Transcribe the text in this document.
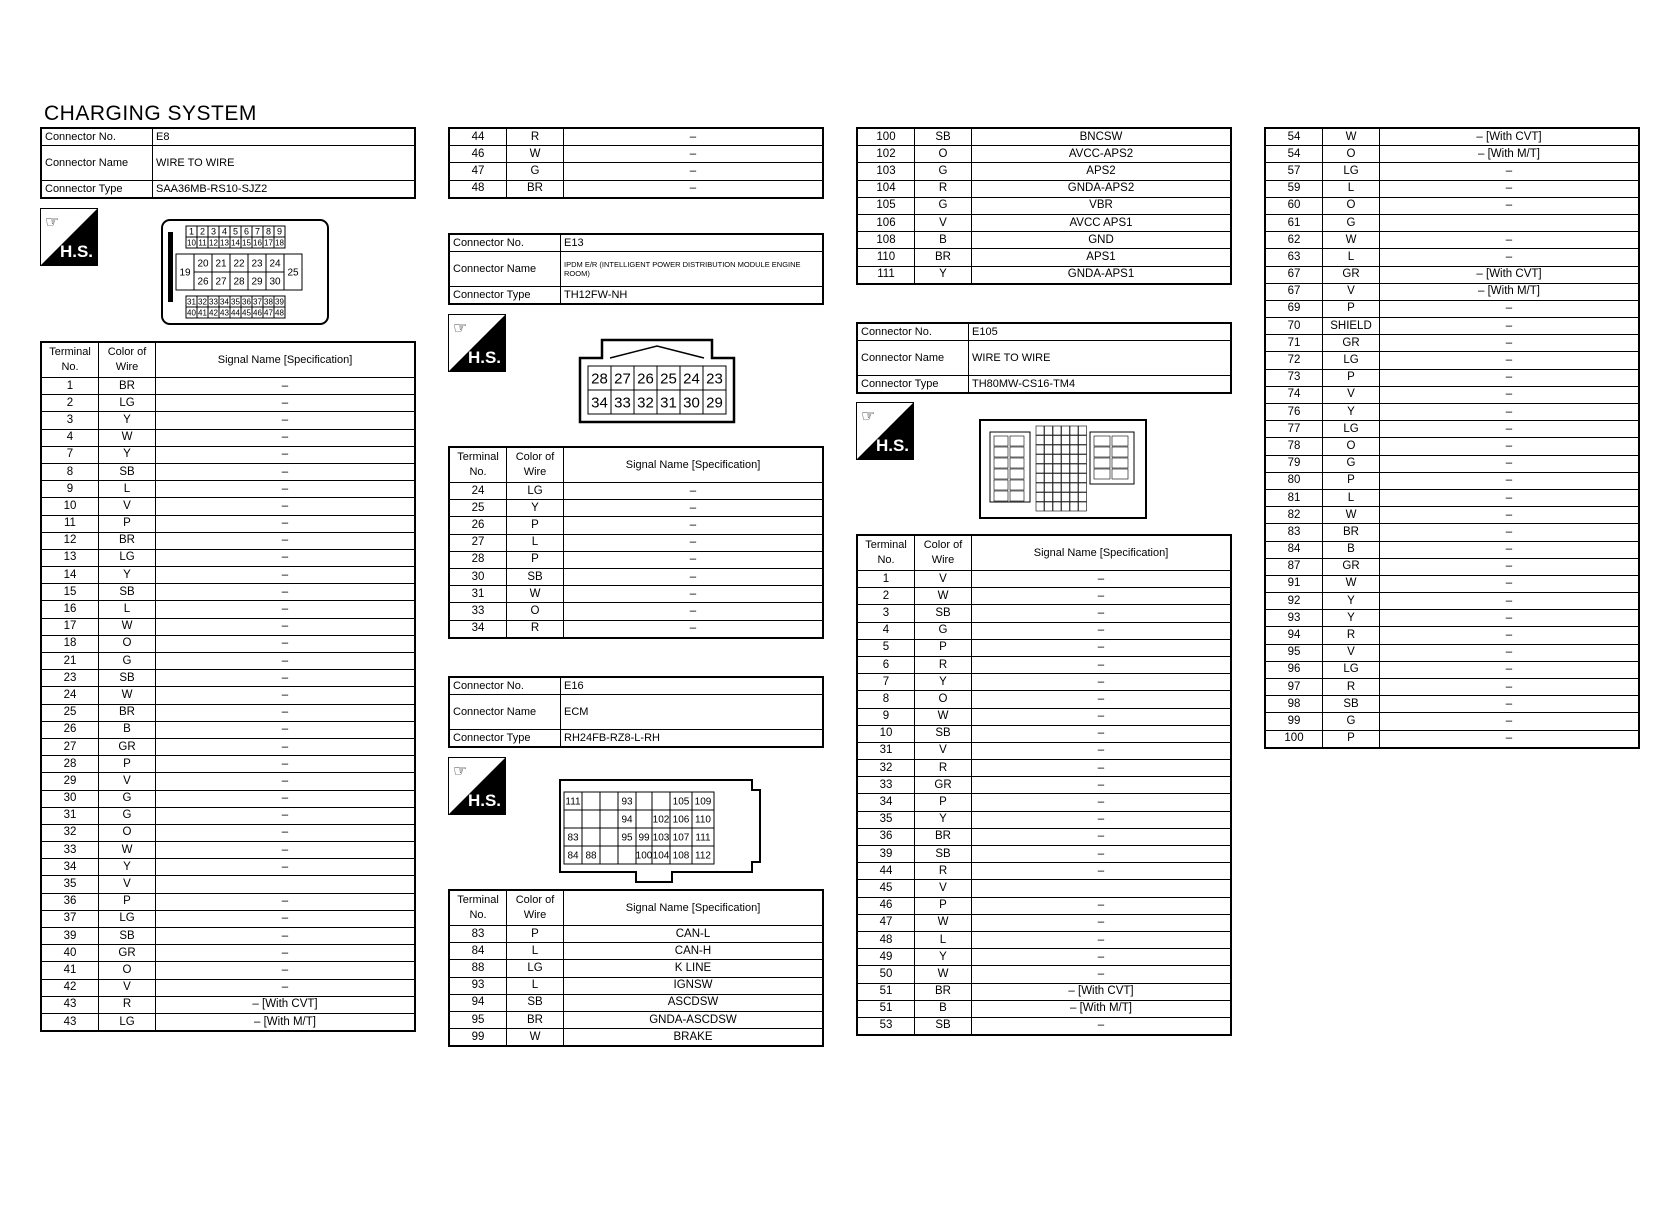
CHARGING SYSTEM
Connector No.	E8
Connector Name	WIRE TO WIRE
Connector Type	SAA36MB-RS10-SJZ2
☞
H.S.
1 2 3 4 5 6 7 8 9
10 11 12 13 14 15 16 17 18
19
20 21 22 23 24
26 27 28 29 30
25
31 32 33 34 35 36 37 38 39
40 41 42 43 44 45 46 47 48
Terminal No.	Color of Wire	Signal Name [Specification]
1	BR	–
2	LG	–
3	Y	–
4	W	–
7	Y	–
8	SB	–
9	L	–
10	V	–
11	P	–
12	BR	–
13	LG	–
14	Y	–
15	SB	–
16	L	–
17	W	–
18	O	–
21	G	–
23	SB	–
24	W	–
25	BR	–
26	B	–
27	GR	–
28	P	–
29	V	–
30	G	–
31	G	–
32	O	–
33	W	–
34	Y	–
35	V	
36	P	–
37	LG	–
39	SB	–
40	GR	–
41	O	–
42	V	–
43	R	– [With CVT]
43	LG	– [With M/T]
44	R	–
46	W	–
47	G	–
48	BR	–
Connector No.	E13
Connector Name	IPDM E/R (INTELLIGENT POWER DISTRIBUTION MODULE ENGINE ROOM)
Connector Type	TH12FW-NH
☞
H.S.
28 27 26 25 24 23
34 33 32 31 30 29
Terminal No.	Color of Wire	Signal Name [Specification]
24	LG	–
25	Y	–
26	P	–
27	L	–
28	P	–
30	SB	–
31	W	–
33	O	–
34	R	–
Connector No.	E16
Connector Name	ECM
Connector Type	RH24FB-RZ8-L-RH
☞
H.S.	111	93	105 109
94 102 106 110
83	95 99 103 107 111
84 88	100 104 108 112
Terminal No.	Color of Wire	Signal Name [Specification]
83	P	CAN-L
84	L	CAN-H
88	LG	K LINE
93	L	IGNSW
94	SB	ASCDSW
95	BR	GNDA-ASCDSW
99	W	BRAKE
100	SB	BNCSW
102	O	AVCC-APS2
103	G	APS2
104	R	GNDA-APS2
105	G	VBR
106	V	AVCC APS1
108	B	GND
110	BR	APS1
111	Y	GNDA-APS1
Connector No.	E105
Connector Name	WIRE TO WIRE
Connector Type	TH80MW-CS16-TM4
☞
H.S.
Terminal No.	Color of Wire	Signal Name [Specification]
1	V	–
2	W	–
3	SB	–
4	G	–
5	P	–
6	R	–
7	Y	–
8	O	–
9	W	–
10	SB	–
31	V	–
32	R	–
33	GR	–
34	P	–
35	Y	–
36	BR	–
39	SB	–
44	R	–
45	V	
46	P	–
47	W	–
48	L	–
49	Y	–
50	W	–
51	BR	– [With CVT]
51	B	– [With M/T]
53	SB	–
54	W	– [With CVT]
54	O	– [With M/T]
57	LG	–
59	L	–
60	O	–
61	G	
62	W	–
63	L	–
67	GR	– [With CVT]
67	V	– [With M/T]
69	P	–
70	SHIELD	–
71	GR	–
72	LG	–
73	P	–
74	V	–
76	Y	–
77	LG	–
78	O	–
79	G	–
80	P	–
81	L	–
82	W	–
83	BR	–
84	B	–
87	GR	–
91	W	–
92	Y	–
93	Y	–
94	R	–
95	V	–
96	LG	–
97	R	–
98	SB	–
99	G	–
100	P	–
